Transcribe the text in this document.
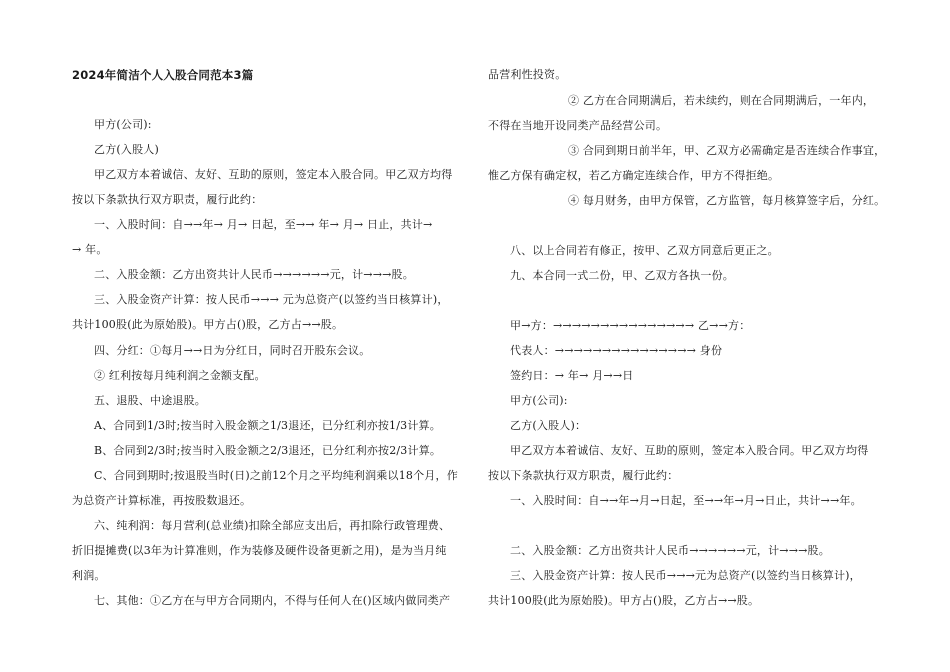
2024年简洁个人入股合同范本3篇
甲方(公司):
乙方(入股人)
甲乙双方本着诚信、友好、互助的原则，签定本入股合同。甲乙双方均得
按以下条款执行双方职责，履行此约：
一、入股时间：自→→年→ 月→ 日起，至→→ 年→ 月→ 日止，共计→
→ 年。
二、入股金额：乙方出资共计人民币→→→→→→元，计→→→股。
三、入股金资产计算：按人民币→→→ 元为总资产(以签约当日核算计)，
共计100股(此为原始股)。甲方占()股，乙方占→→股。
四、分红：①每月→→日为分红日，同时召开股东会议。
② 红利按每月纯利润之金额支配。
五、退股、中途退股。
A、合同到1/3时;按当时入股金额之1/3退还，已分红利亦按1/3计算。
B、合同到2/3时;按当时入股金额之2/3退还，已分红利亦按2/3计算。
C、合同到期时;按退股当时(日)之前12个月之平均纯利润乘以18个月，作
为总资产计算标准，再按股数退还。
六、纯利润：每月营利(总业绩)扣除全部应支出后，再扣除行政管理费、
折旧提摊费(以3年为计算准则，作为装修及硬件设备更新之用)，是为当月纯
利润。
七、其他：①乙方在与甲方合同期内，不得与任何人在()区域内做同类产
品营利性投资。
② 乙方在合同期满后，若未续约，则在合同期满后，一年内，
不得在当地开设同类产品经营公司。
③ 合同到期日前半年，甲、乙双方必需确定是否连续合作事宜，
惟乙方保有确定权，若乙方确定连续合作，甲方不得拒绝。
④ 每月财务，由甲方保管，乙方监管，每月核算签字后，分红。
八、以上合同若有修正，按甲、乙双方同意后更正之。
九、本合同一式二份，甲、乙双方各执一份。
甲→方：→→→→→→→→→→→→→→→ 乙→→方：
代表人：→→→→→→→→→→→→→→→ 身份
签约日：→ 年→ 月→→日
甲方(公司):
乙方(入股人)：
甲乙双方本着诚信、友好、互助的原则，签定本入股合同。甲乙双方均得
按以下条款执行双方职责，履行此约：
一、入股时间：自→→年→月→日起，至→→年→月→日止，共计→→年。
二、入股金额：乙方出资共计人民币→→→→→→元，计→→→股。
三、入股金资产计算：按人民币→→→元为总资产(以签约当日核算计)，
共计100股(此为原始股)。甲方占()股，乙方占→→股。
